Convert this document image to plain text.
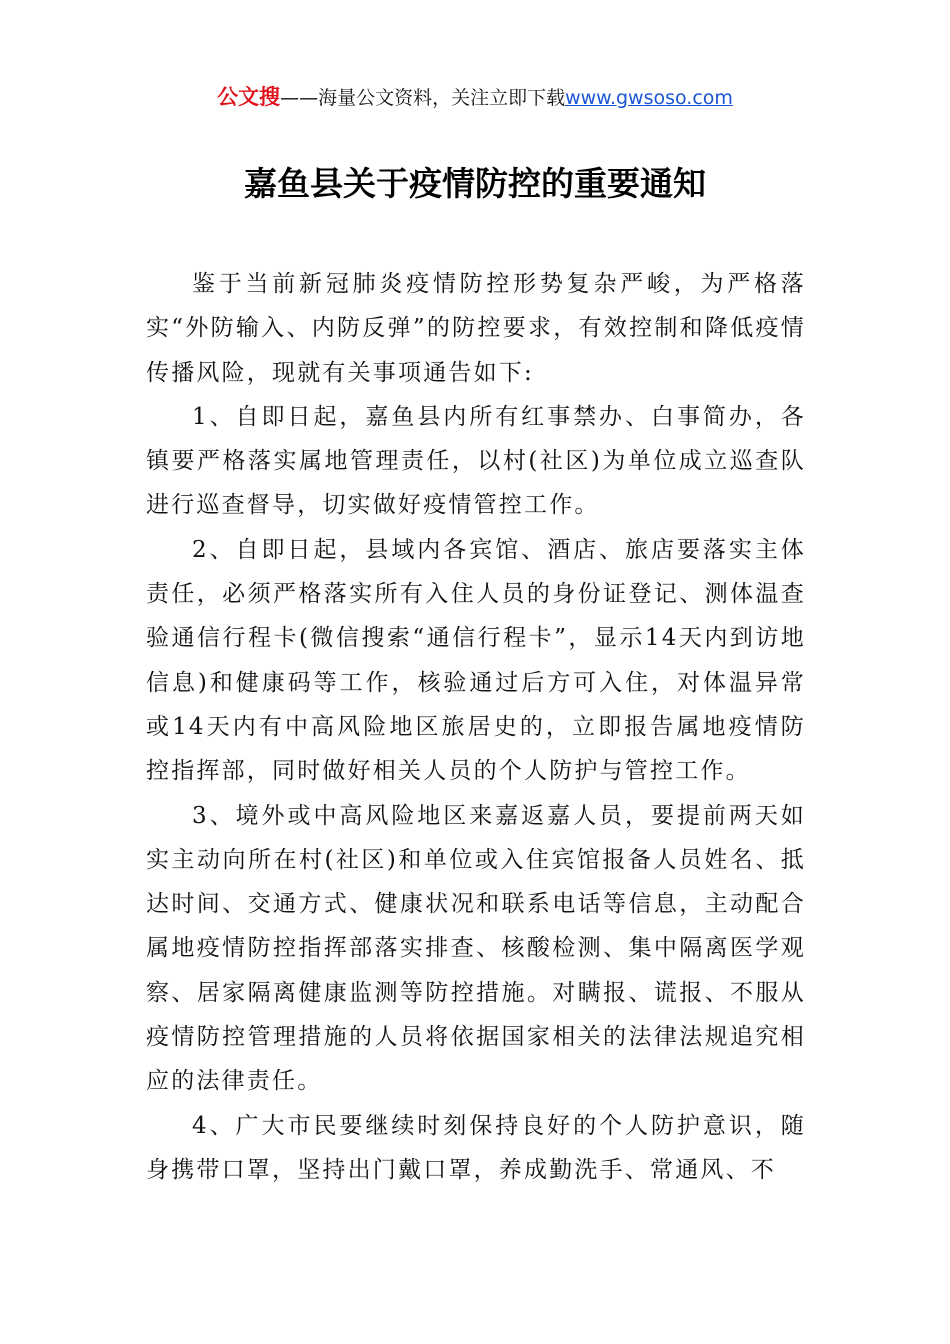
公文搜——海量公文资料，关注立即下载www.gwsoso.com
嘉鱼县关于疫情防控的重要通知

鉴于当前新冠肺炎疫情防控形势复杂严峻，为严格落实“外防输入、内防反弹”的防控要求，有效控制和降低疫情传播风险，现就有关事项通告如下:

1、自即日起，嘉鱼县内所有红事禁办、白事简办，各镇要严格落实属地管理责任，以村(社区)为单位成立巡查队进行巡查督导，切实做好疫情管控工作。

2、自即日起，县域内各宾馆、酒店、旅店要落实主体责任，必须严格落实所有入住人员的身份证登记、测体温查验通信行程卡(微信搜索“通信行程卡”，显示14天内到访地信息)和健康码等工作，核验通过后方可入住，对体温异常或14天内有中高风险地区旅居史的，立即报告属地疫情防控指挥部，同时做好相关人员的个人防护与管控工作。

3、境外或中高风险地区来嘉返嘉人员，要提前两天如实主动向所在村(社区)和单位或入住宾馆报备人员姓名、抵达时间、交通方式、健康状况和联系电话等信息，主动配合属地疫情防控指挥部落实排查、核酸检测、集中隔离医学观察、居家隔离健康监测等防控措施。对瞒报、谎报、不服从疫情防控管理措施的人员将依据国家相关的法律法规追究相应的法律责任。

4、广大市民要继续时刻保持良好的个人防护意识，随身携带口罩，坚持出门戴口罩，养成勤洗手、常通风、不
